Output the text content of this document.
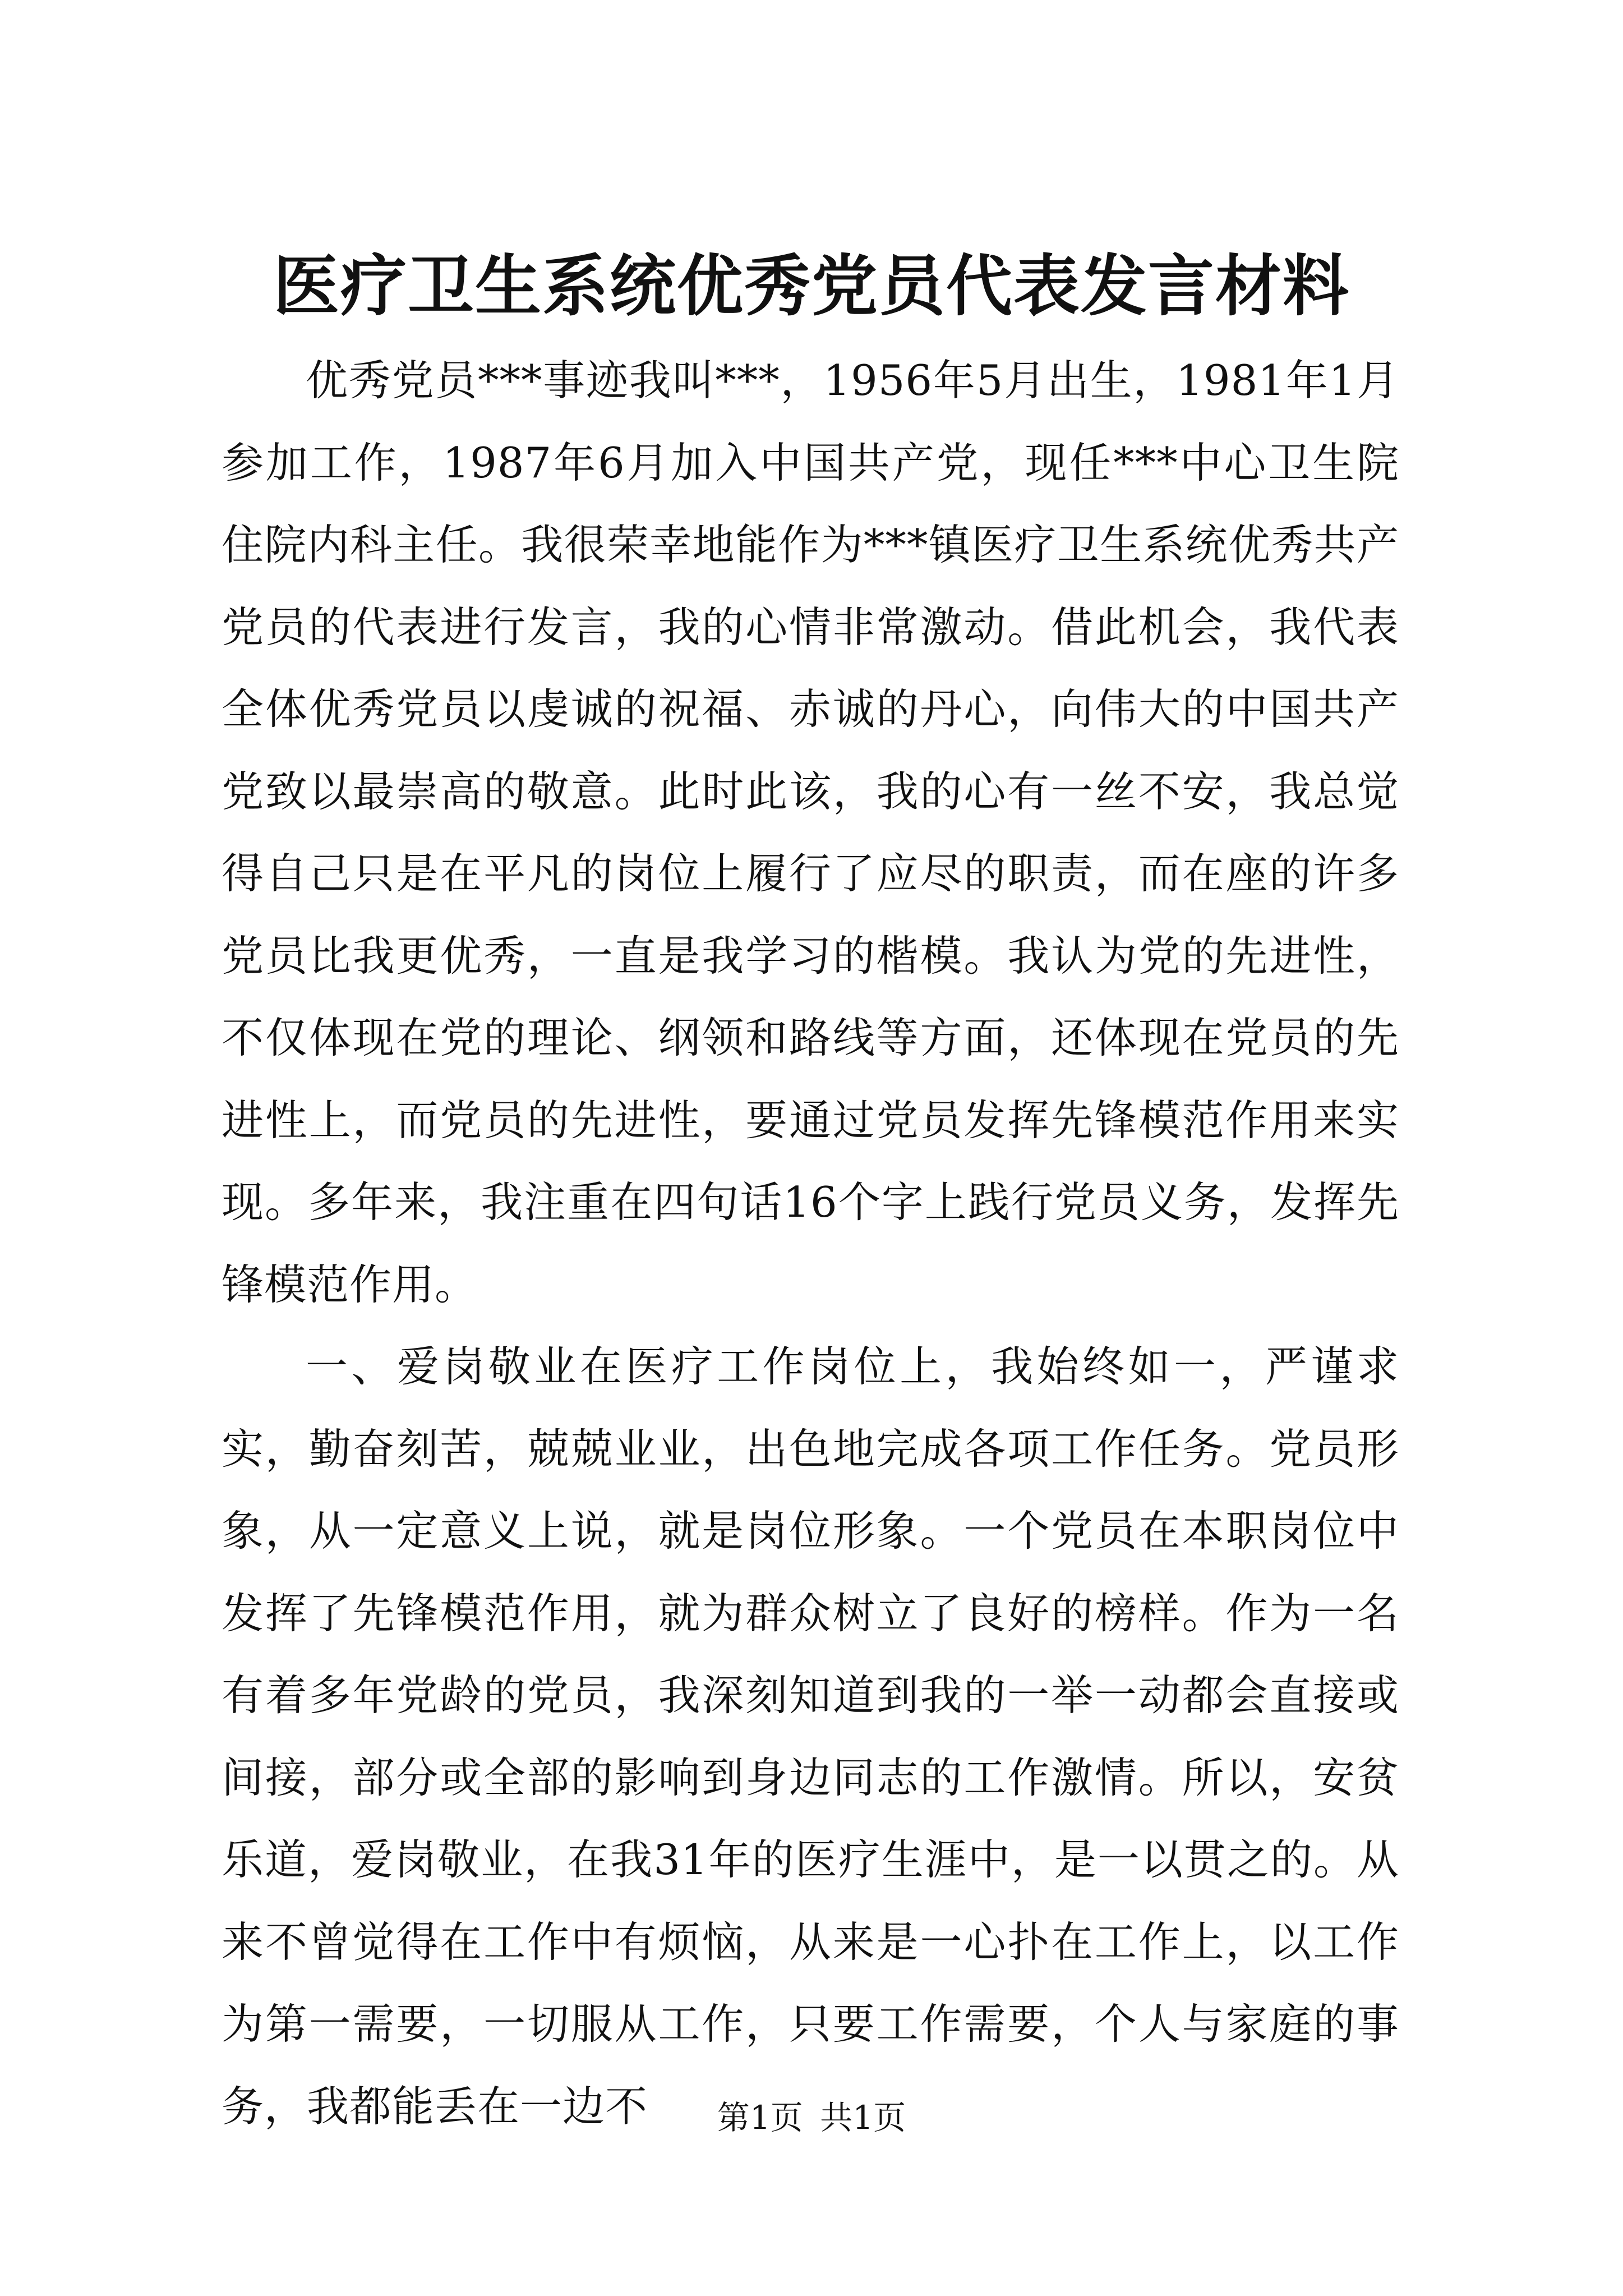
医疗卫生系统优秀党员代表发言材料

优秀党员***事迹我叫***，1956年5月出生，1981年1月参加工作，1987年6月加入中国共产党，现任***中心卫生院住院内科主任。我很荣幸地能作为***镇医疗卫生系统优秀共产党员的代表进行发言，我的心情非常激动。借此机会，我代表全体优秀党员以虔诚的祝福、赤诚的丹心，向伟大的中国共产党致以最崇高的敬意。此时此该，我的心有一丝不安，我总觉得自己只是在平凡的岗位上履行了应尽的职责，而在座的许多党员比我更优秀，一直是我学习的楷模。我认为党的先进性，不仅体现在党的理论、纲领和路线等方面，还体现在党员的先进性上，而党员的先进性，要通过党员发挥先锋模范作用来实现。多年来，我注重在四句话16个字上践行党员义务，发挥先锋模范作用。

一、爱岗敬业在医疗工作岗位上，我始终如一，严谨求实，勤奋刻苦，兢兢业业，出色地完成各项工作任务。党员形象，从一定意义上说，就是岗位形象。一个党员在本职岗位中发挥了先锋模范作用，就为群众树立了良好的榜样。作为一名有着多年党龄的党员，我深刻知道到我的一举一动都会直接或间接，部分或全部的影响到身边同志的工作激情。所以，安贫乐道，爱岗敬业，在我31年的医疗生涯中，是一以贯之的。从来不曾觉得在工作中有烦恼，从来是一心扑在工作上，以工作为第一需要，一切服从工作，只要工作需要，个人与家庭的事务，我都能丢在一边不	第1页 共1页
